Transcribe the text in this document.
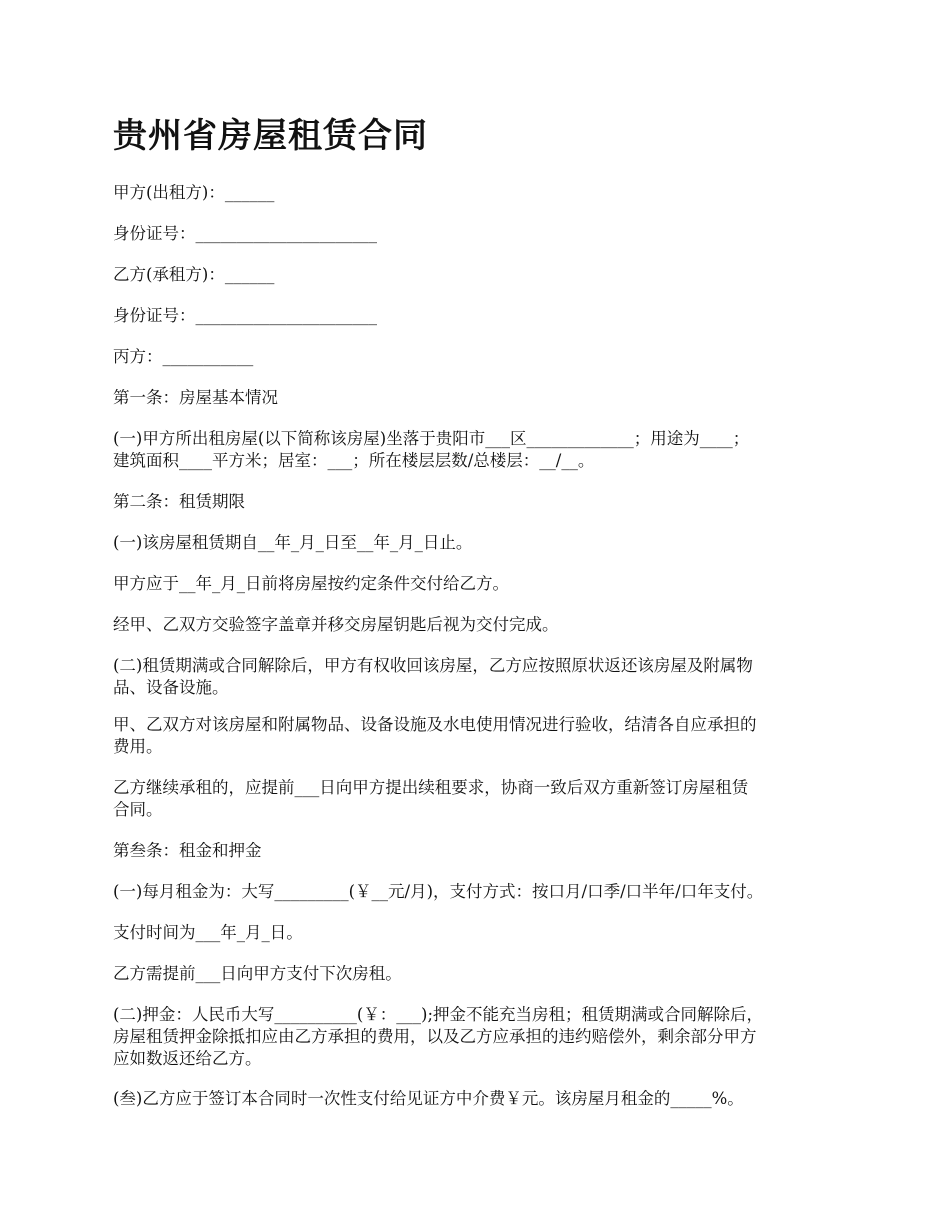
贵州省房屋租赁合同

甲方(出租方)：______

身份证号：______________________

乙方(承租方)：______

身份证号：______________________

丙方：___________

第一条：房屋基本情况

(一)甲方所出租房屋(以下简称该房屋)坐落于贵阳市___区_____________；用途为____；
建筑面积____平方米；居室：___；所在楼层层数/总楼层：__/__。

第二条：租赁期限

(一)该房屋租赁期自__年_月_日至__年_月_日止。

甲方应于__年_月_日前将房屋按约定条件交付给乙方。

经甲、乙双方交验签字盖章并移交房屋钥匙后视为交付完成。

(二)租赁期满或合同解除后，甲方有权收回该房屋，乙方应按照原状返还该房屋及附属物
品、设备设施。

甲、乙双方对该房屋和附属物品、设备设施及水电使用情况进行验收，结清各自应承担的
费用。

乙方继续承租的，应提前___日向甲方提出续租要求，协商一致后双方重新签订房屋租赁
合同。

第叁条：租金和押金

(一)每月租金为：大写_________(￥__元/月)，支付方式：按口月/口季/口半年/口年支付。

支付时间为___年_月_日。

乙方需提前___日向甲方支付下次房租。

(二)押金：人民币大写__________(￥：___);押金不能充当房租；租赁期满或合同解除后，
房屋租赁押金除抵扣应由乙方承担的费用，以及乙方应承担的违约赔偿外，剩余部分甲方
应如数返还给乙方。

(叁)乙方应于签订本合同时一次性支付给见证方中介费￥元。该房屋月租金的_____%。
